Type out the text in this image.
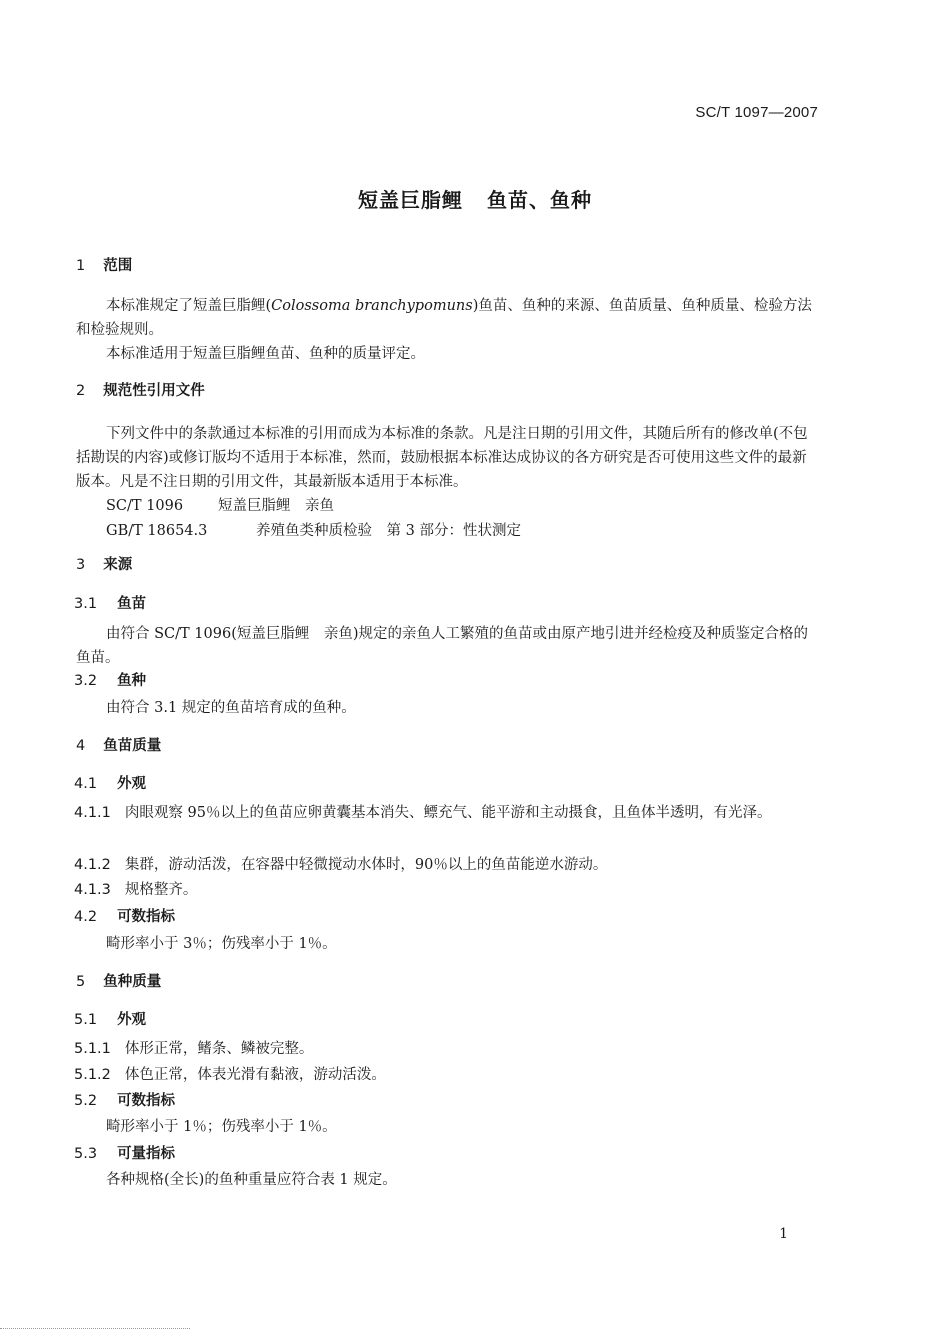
SC/T 1097—2007
短盖巨脂鲤 鱼苗、鱼种
1 范围
本标准规定了短盖巨脂鲤(Colossoma branchypomuns)鱼苗、鱼种的来源、鱼苗质量、鱼种质量、检验方法和检验规则。
本标准适用于短盖巨脂鲤鱼苗、鱼种的质量评定。
2 规范性引用文件
下列文件中的条款通过本标准的引用而成为本标准的条款。凡是注日期的引用文件，其随后所有的修改单(不包括勘误的内容)或修订版均不适用于本标准，然而，鼓励根据本标准达成协议的各方研究是否可使用这些文件的最新版本。凡是不注日期的引用文件，其最新版本适用于本标准。
SC/T 1096 短盖巨脂鲤　亲鱼
GB/T 18654.3	养殖鱼类种质检验　第 3 部分：性状测定
3 来源
3.1 鱼苗
由符合 SC/T 1096(短盖巨脂鲤　亲鱼)规定的亲鱼人工繁殖的鱼苗或由原产地引进并经检疫及种质鉴定合格的鱼苗。
3.2 鱼种
由符合 3.1 规定的鱼苗培育成的鱼种。
4 鱼苗质量
4.1 外观
4.1.1 肉眼观察 95％以上的鱼苗应卵黄囊基本消失、鳔充气、能平游和主动摄食，且鱼体半透明，有光泽。
4.1.2 集群，游动活泼，在容器中轻微搅动水体时，90％以上的鱼苗能逆水游动。
4.1.3 规格整齐。
4.2 可数指标
畸形率小于 3％；伤残率小于 1％。
5 鱼种质量
5.1 外观
5.1.1 体形正常，鳍条、鳞被完整。
5.1.2 体色正常，体表光滑有黏液，游动活泼。
5.2 可数指标
畸形率小于 1％；伤残率小于 1％。
5.3 可量指标
各种规格(全长)的鱼种重量应符合表 1 规定。
1
